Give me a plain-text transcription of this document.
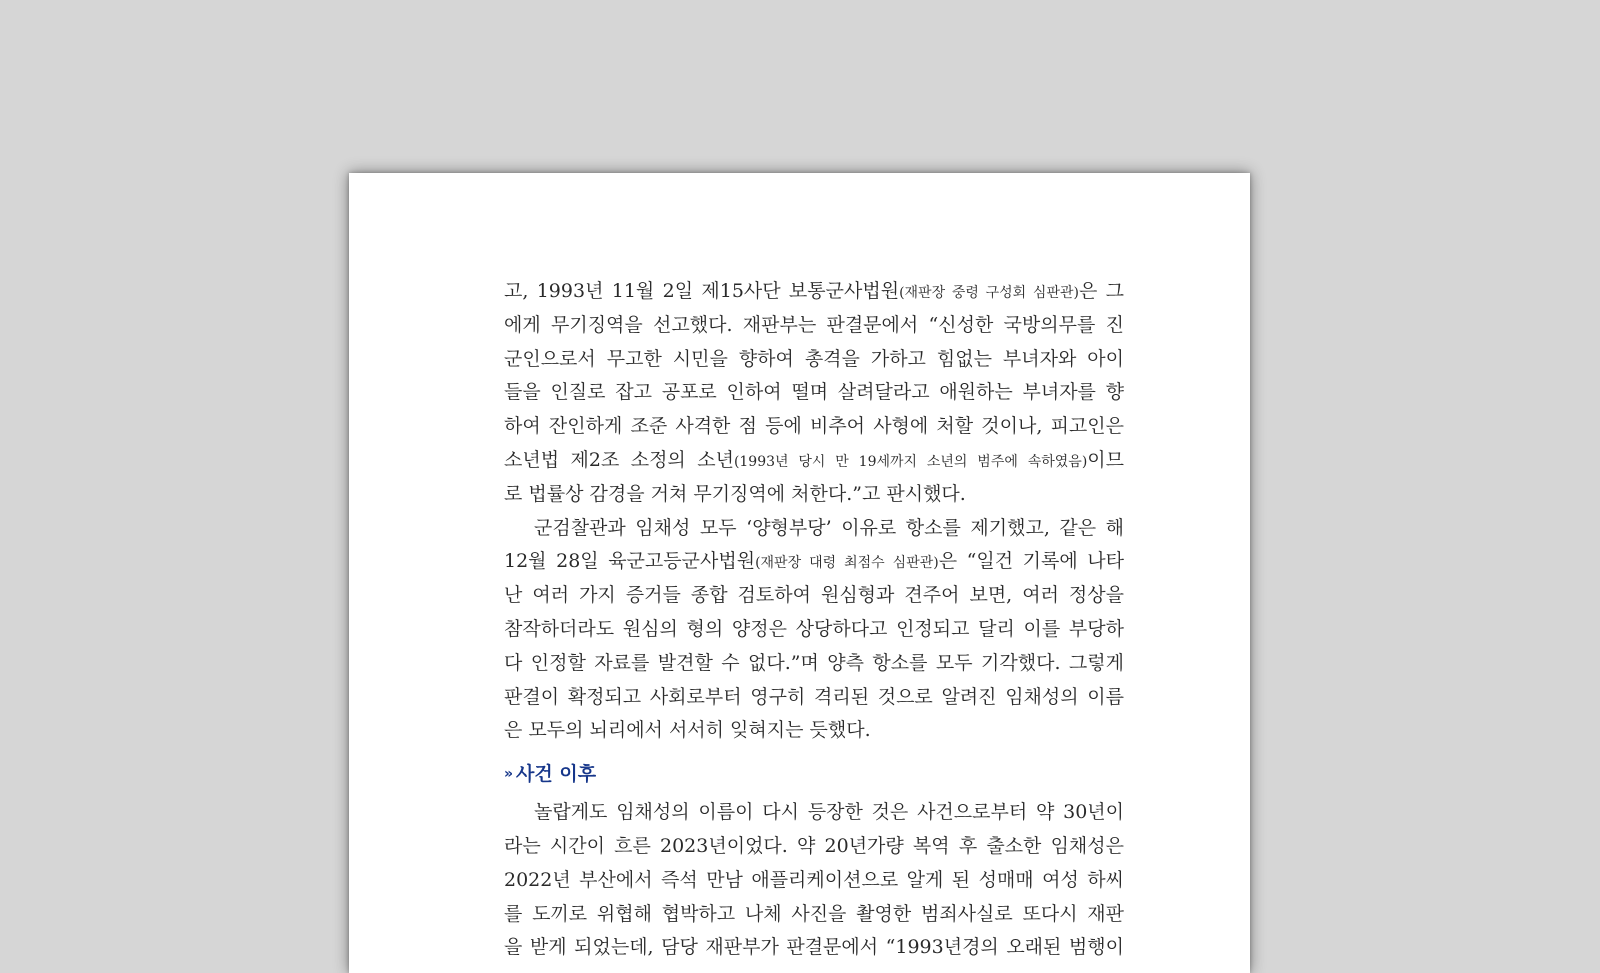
고, 1993년 11월 2일 제15사단 보통군사법원(재판장 중령 구성회 심판관)은 그
에게 무기징역을 선고했다. 재판부는 판결문에서 “신성한 국방의무를 진
군인으로서 무고한 시민을 향하여 총격을 가하고 힘없는 부녀자와 아이
들을 인질로 잡고 공포로 인하여 떨며 살려달라고 애원하는 부녀자를 향
하여 잔인하게 조준 사격한 점 등에 비추어 사형에 처할 것이나, 피고인은
소년법 제2조 소정의 소년(1993년 당시 만 19세까지 소년의 범주에 속하였음)이므
로 법률상 감경을 거쳐 무기징역에 처한다.”고 판시했다.
군검찰관과 임채성 모두 ‘양형부당’ 이유로 항소를 제기했고, 같은 해
12월 28일 육군고등군사법원(재판장 대령 최점수 심판관)은 “일건 기록에 나타
난 여러 가지 증거들 종합 검토하여 원심형과 견주어 보면, 여러 정상을
참작하더라도 원심의 형의 양정은 상당하다고 인정되고 달리 이를 부당하
다 인정할 자료를 발견할 수 없다.”며 양측 항소를 모두 기각했다. 그렇게
판결이 확정되고 사회로부터 영구히 격리된 것으로 알려진 임채성의 이름
은 모두의 뇌리에서 서서히 잊혀지는 듯했다.
» 사건 이후
놀랍게도 임채성의 이름이 다시 등장한 것은 사건으로부터 약 30년이
라는 시간이 흐른 2023년이었다. 약 20년가량 복역 후 출소한 임채성은
2022년 부산에서 즉석 만남 애플리케이션으로 알게 된 성매매 여성 하씨
를 도끼로 위협해 협박하고 나체 사진을 촬영한 범죄사실로 또다시 재판
을 받게 되었는데, 담당 재판부가 판결문에서 “1993년경의 오래된 범행이
